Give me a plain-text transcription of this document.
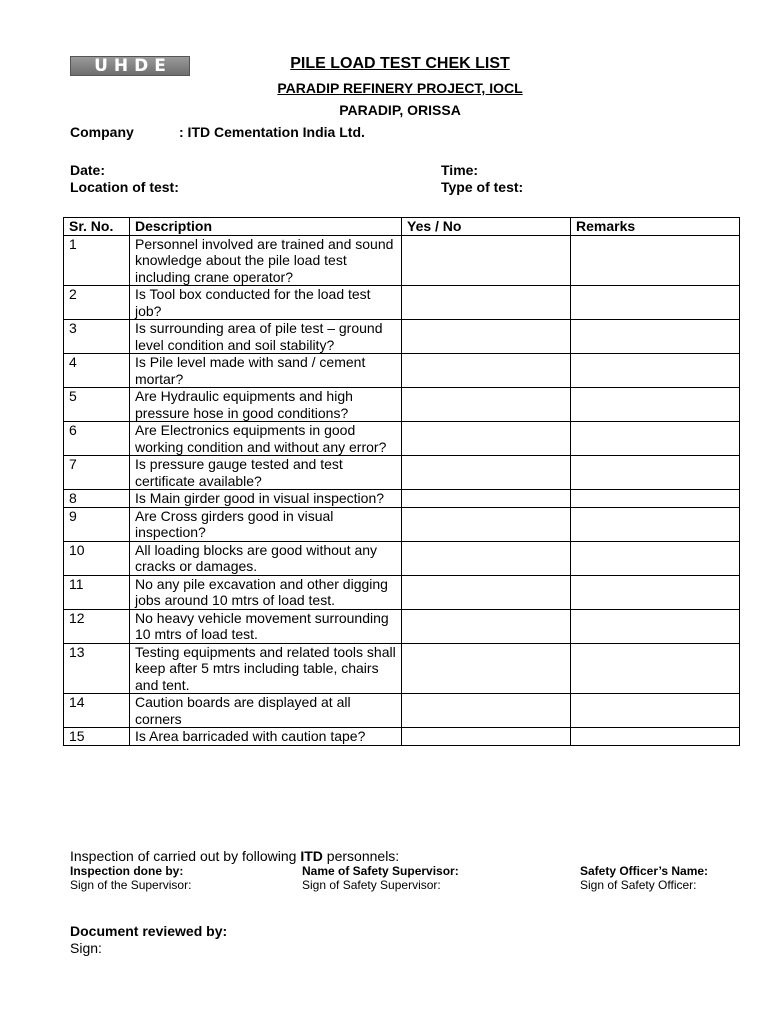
UHDE	PILE LOAD TEST CHEK LIST
PARADIP REFINERY PROJECT, IOCL
PARADIP, ORISSA
Company	: ITD Cementation India Ltd.
Date:	Time:
Location of test:	Type of test:
Sr. No.	Description	Yes / No	Remarks
1	Personnel involved are trained and sound knowledge about the pile load test including crane operator?		
2	Is Tool box conducted for the load test job?		
3	Is surrounding area of pile test – ground level condition and soil stability?		
4	Is Pile level made with sand / cement mortar?		
5	Are Hydraulic equipments and high pressure hose in good conditions?		
6	Are Electronics equipments in good working condition and without any error?		
7	Is pressure gauge tested and test certificate available?		
8	Is Main girder good in visual inspection?		
9	Are Cross girders good in visual inspection?		
10	All loading blocks are good without any cracks or damages.		
11	No any pile excavation and other digging jobs around 10 mtrs of load test.		
12	No heavy vehicle movement surrounding 10 mtrs of load test.		
13	Testing equipments and related tools shall keep after 5 mtrs including table, chairs and tent.		
14	Caution boards are displayed at all corners		
15	Is Area barricaded with caution tape?		
Inspection of carried out by following ITD personnels:
Inspection done by:	Name of Safety Supervisor:	Safety Officer’s Name:
Sign of the Supervisor:	Sign of Safety Supervisor:	Sign of Safety Officer:
Document reviewed by:
Sign:
